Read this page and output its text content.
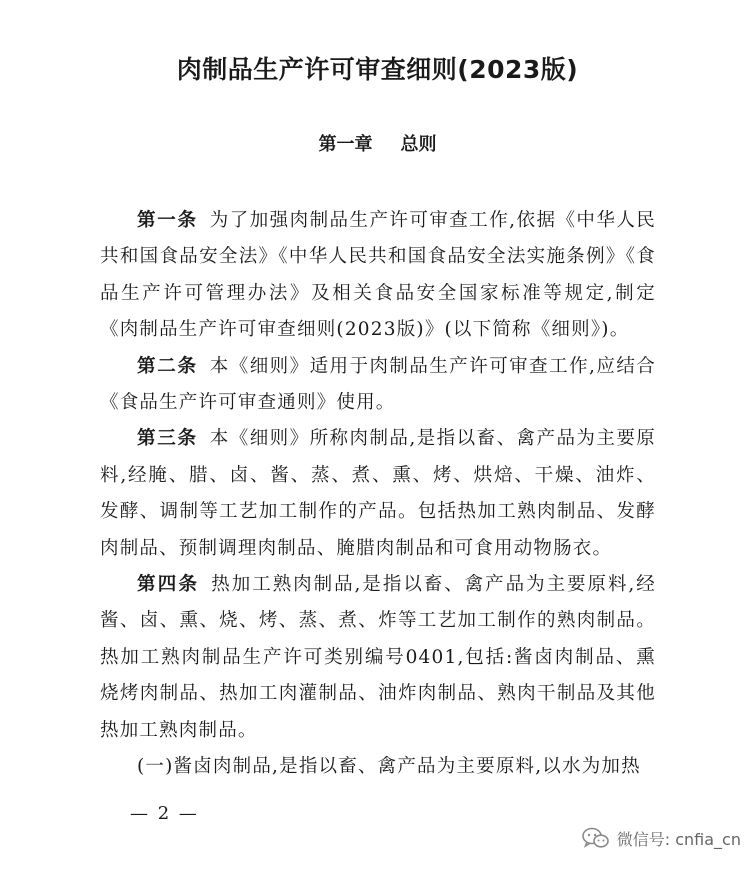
肉制品生产许可审查细则(2023版)
第一章 总则

第一条 为了加强肉制品生产许可审查工作,依据《中华人民共和国食品安全法》《中华人民共和国食品安全法实施条例》《食品生产许可管理办法》及相关食品安全国家标准等规定,制定《肉制品生产许可审查细则(2023版)》(以下简称《细则》)。

第二条 本《细则》适用于肉制品生产许可审查工作,应结合《食品生产许可审查通则》使用。

第三条 本《细则》所称肉制品,是指以畜、禽产品为主要原料,经腌、腊、卤、酱、蒸、煮、熏、烤、烘焙、干燥、油炸、发酵、调制等工艺加工制作的产品。包括热加工熟肉制品、发酵肉制品、预制调理肉制品、腌腊肉制品和可食用动物肠衣。

第四条 热加工熟肉制品,是指以畜、禽产品为主要原料,经酱、卤、熏、烧、烤、蒸、煮、炸等工艺加工制作的熟肉制品。热加工熟肉制品生产许可类别编号0401,包括:酱卤肉制品、熏烧烤肉制品、热加工肉灌制品、油炸肉制品、熟肉干制品及其他热加工熟肉制品。

(一)酱卤肉制品,是指以畜、禽产品为主要原料,以水为加热

— 2 —
微信号: cnfia_cn
